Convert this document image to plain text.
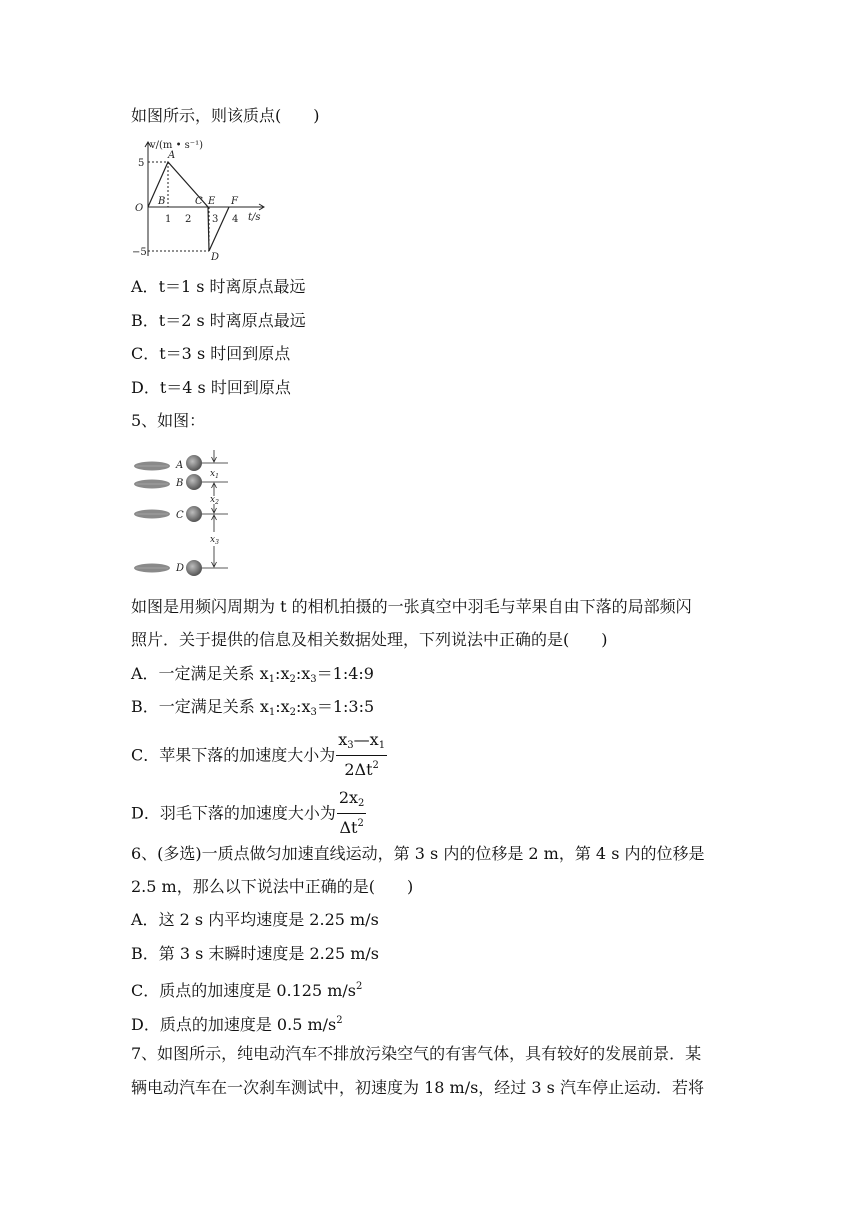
如图所示，则该质点(　　)
v/(m • s⁻¹)
t/s
5
−5
1 2 3 4
O
A
B	C E
D
F
A．t＝1 s 时离原点最远
B．t＝2 s 时离原点最远
C．t＝3 s 时回到原点
D．t＝4 s 时回到原点
5、如图：
A
B
C
D
$x_1$
$x_2$
$x_3$
如图是用频闪周期为 t 的相机拍摄的一张真空中羽毛与苹果自由下落的局部频闪
照片．关于提供的信息及相关数据处理，下列说法中正确的是(　　)
A．一定满足关系 $x_1:x_2:x_3=1:4:9$
B．一定满足关系 $x_1:x_2:x_3=1:3:5$
C．苹果下落的加速度大小为 $\frac{x_3—x_1}{2\Delta t^2}$
D．羽毛下落的加速度大小为 $\frac{2x_2}{\Delta t^2}$
6、(多选)一质点做匀加速直线运动，第 3 s 内的位移是 2 m，第 4 s 内的位移是
2.5 m，那么以下说法中正确的是(　　)
A．这 2 s 内平均速度是 2.25 m/s
B．第 3 s 末瞬时速度是 2.25 m/s
C．质点的加速度是 0.125 $m/s^2$
D．质点的加速度是 0.5 $m/s^2$
7、如图所示，纯电动汽车不排放污染空气的有害气体，具有较好的发展前景．某
辆电动汽车在一次刹车测试中，初速度为 18 m/s，经过 3 s 汽车停止运动．若将
